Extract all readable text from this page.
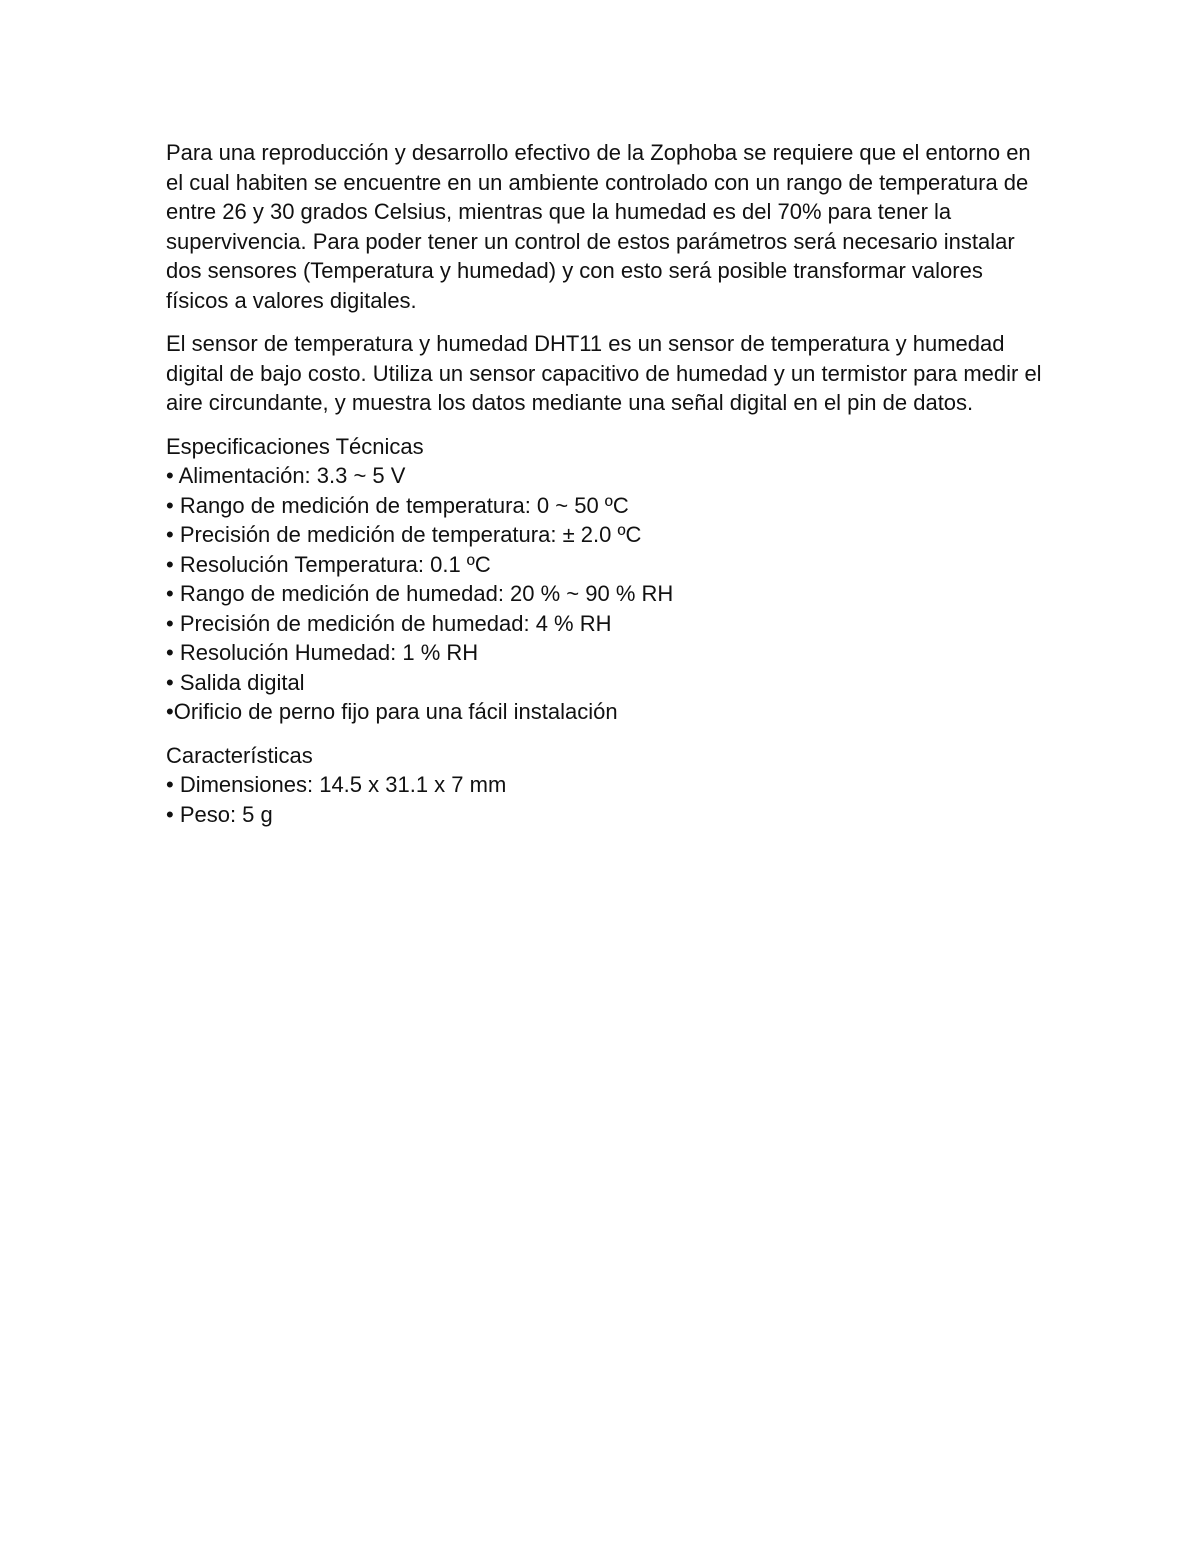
Para una reproducción y desarrollo efectivo de la Zophoba se requiere que el entorno en el cual habiten se encuentre en un ambiente controlado con un rango de temperatura de entre 26 y 30 grados Celsius, mientras que la humedad es del 70% para tener la supervivencia. Para poder tener un control de estos parámetros será necesario instalar dos sensores (Temperatura y humedad) y con esto será posible transformar valores físicos a valores digitales.

El sensor de temperatura y humedad DHT11 es un sensor de temperatura y humedad digital de bajo costo. Utiliza un sensor capacitivo de humedad y un termistor para medir el aire circundante, y muestra los datos mediante una señal digital en el pin de datos.

Especificaciones Técnicas
• Alimentación: 3.3 ~ 5 V
• Rango de medición de temperatura: 0 ~ 50 ºC
• Precisión de medición de temperatura: ± 2.0 ºC
• Resolución Temperatura: 0.1 ºC
• Rango de medición de humedad: 20 % ~ 90 % RH
• Precisión de medición de humedad: 4 % RH
• Resolución Humedad: 1 % RH
• Salida digital
•Orificio de perno fijo para una fácil instalación
Características
• Dimensiones: 14.5 x 31.1 x 7 mm
• Peso: 5 g
